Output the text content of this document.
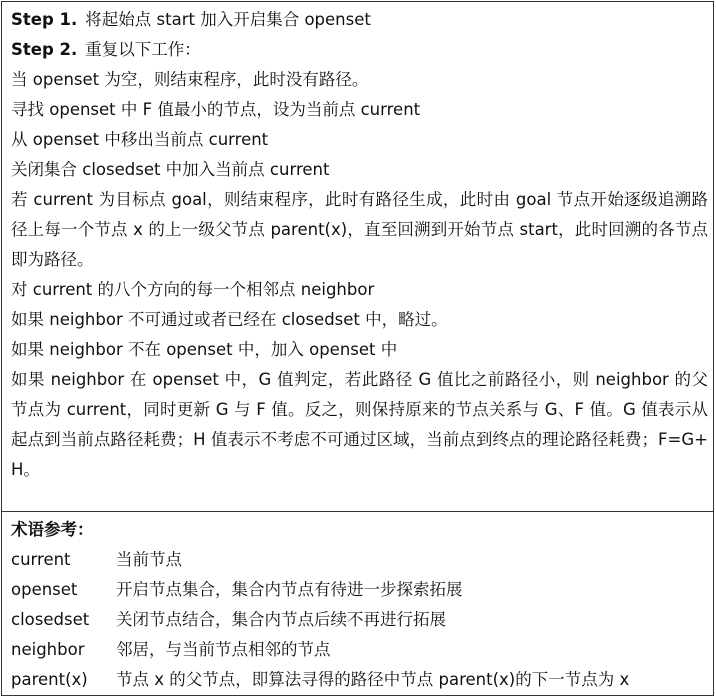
Step 1. 将起始点 start 加入开启集合 openset
Step 2. 重复以下工作：
当 openset 为空，则结束程序，此时没有路径。
寻找 openset 中 F 值最小的节点，设为当前点 current
从 openset 中移出当前点 current
关闭集合 closedset 中加入当前点 current
若 current 为目标点 goal，则结束程序，此时有路径生成，此时由 goal 节点开始逐级追溯路径上每一个节点 x 的上一级父节点 parent(x)，直至回溯到开始节点 start，此时回溯的各节点即为路径。
对 current 的八个方向的每一个相邻点 neighbor
如果 neighbor 不可通过或者已经在 closedset 中，略过。
如果 neighbor 不在 openset 中，加入 openset 中
如果 neighbor 在 openset 中，G 值判定，若此路径 G 值比之前路径小，则 neighbor 的父节点为 current，同时更新 G 与 F 值。反之，则保持原来的节点关系与 G、F 值。G 值表示从起点到当前点路径耗费；H 值表示不考虑不可通过区域，当前点到终点的理论路径耗费；F=G+H。
术语参考：
current	当前节点
openset	开启节点集合，集合内节点有待进一步探索拓展
closedset	关闭节点结合，集合内节点后续不再进行拓展
neighbor	邻居，与当前节点相邻的节点
parent(x)	节点 x 的父节点，即算法寻得的路径中节点 parent(x)的下一节点为 x
